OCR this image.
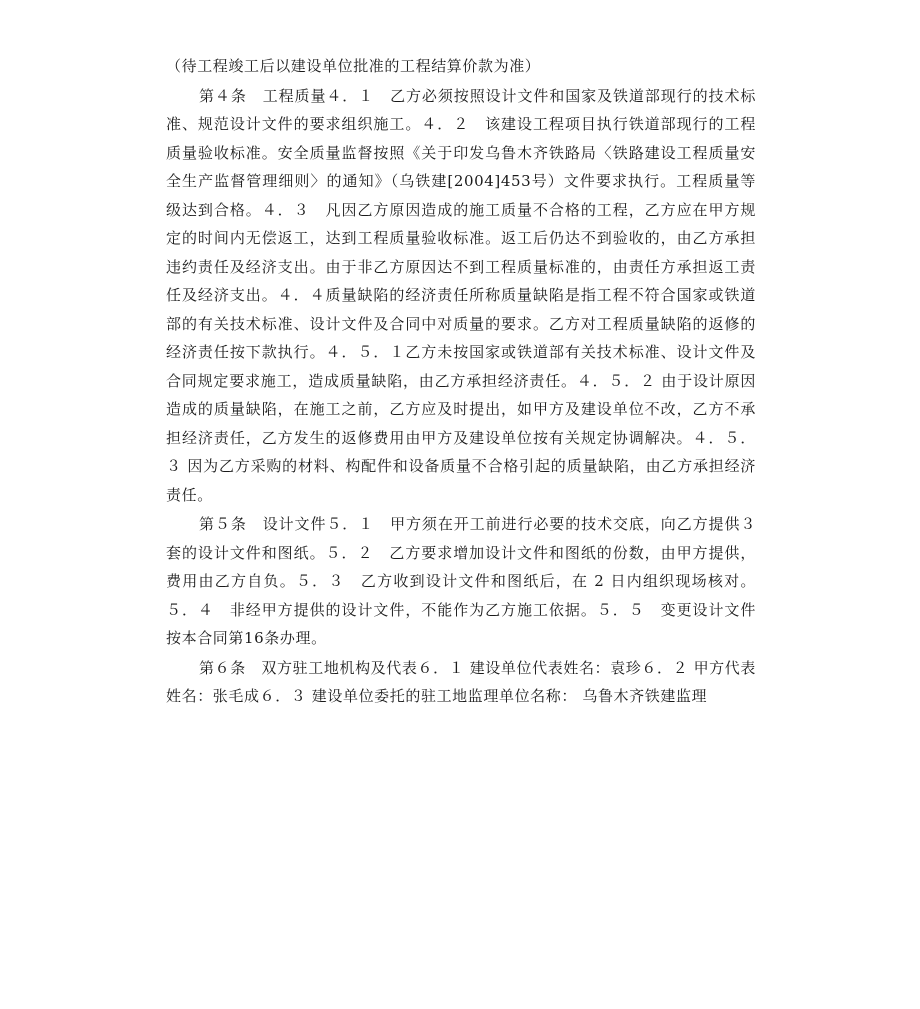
（待工程竣工后以建设单位批准的工程结算价款为准）

第４条　工程质量４．１　乙方必须按照设计文件和国家及铁道部现行的技术标准、规范设计文件的要求组织施工。４．２　该建设工程项目执行铁道部现行的工程质量验收标准。安全质量监督按照《关于印发乌鲁木齐铁路局〈铁路建设工程质量安全生产监督管理细则〉的通知》（乌铁建[2004]453号）文件要求执行。工程质量等级达到合格。４．３　凡因乙方原因造成的施工质量不合格的工程，乙方应在甲方规定的时间内无偿返工，达到工程质量验收标准。返工后仍达不到验收的，由乙方承担违约责任及经济支出。由于非乙方原因达不到工程质量标准的，由责任方承担返工责任及经济支出。４．４质量缺陷的经济责任所称质量缺陷是指工程不符合国家或铁道部的有关技术标准、设计文件及合同中对质量的要求。乙方对工程质量缺陷的返修的经济责任按下款执行。４．５．１乙方未按国家或铁道部有关技术标准、设计文件及合同规定要求施工，造成质量缺陷，由乙方承担经济责任。４．５．２ 由于设计原因造成的质量缺陷，在施工之前，乙方应及时提出，如甲方及建设单位不改，乙方不承担经济责任，乙方发生的返修费用由甲方及建设单位按有关规定协调解决。４．５．３ 因为乙方采购的材料、构配件和设备质量不合格引起的质量缺陷，由乙方承担经济责任。

第５条　设计文件５．１　甲方须在开工前进行必要的技术交底，向乙方提供３套的设计文件和图纸。５．２　乙方要求增加设计文件和图纸的份数，由甲方提供，费用由乙方自负。５．３　乙方收到设计文件和图纸后，在 2 日内组织现场核对。５．４　非经甲方提供的设计文件，不能作为乙方施工依据。５．５　变更设计文件按本合同第16条办理。

第６条　双方驻工地机构及代表６．１ 建设单位代表姓名：袁珍６．２ 甲方代表姓名：张毛成６．３ 建设单位委托的驻工地监理单位名称： 乌鲁木齐铁建监理
